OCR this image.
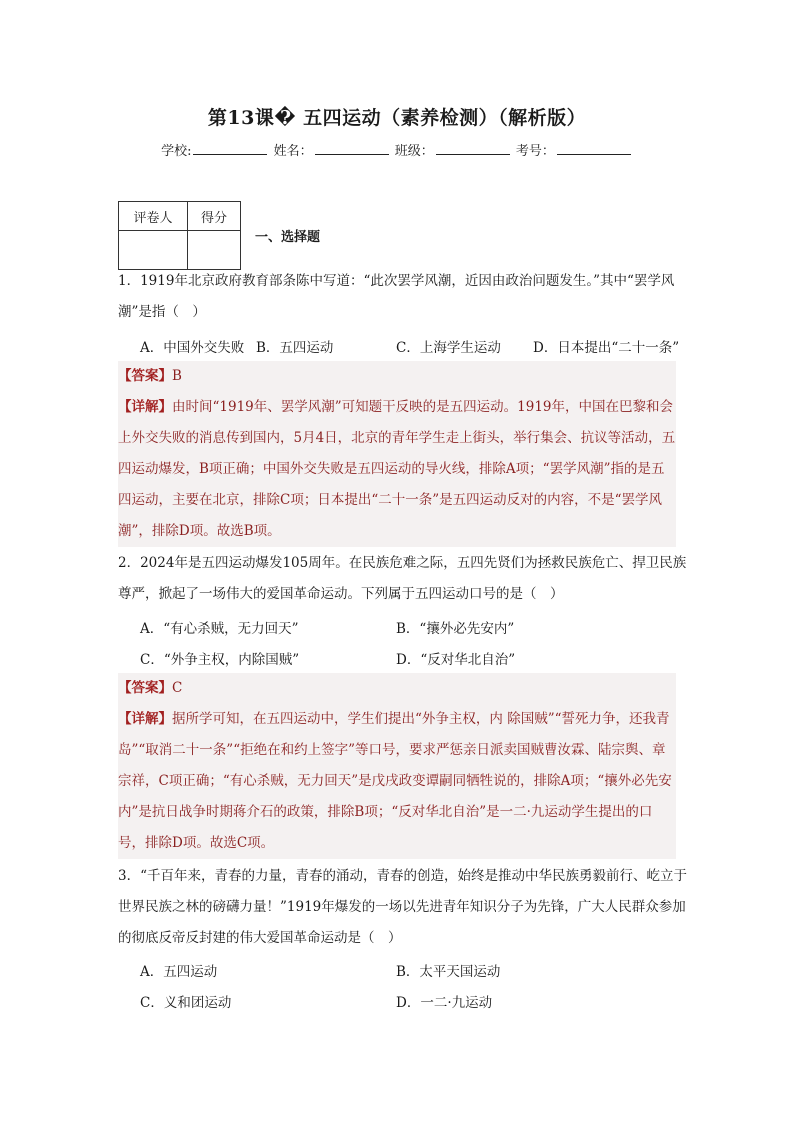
第13课� 五四运动（素养检测）（解析版）
学校:	姓名：	班级：	考号：
评卷人	得分

一、选择题
1．1919年北京政府教育部条陈中写道：“此次罢学风潮，近因由政治问题发生。”其中“罢学风潮”是指（　）
A．中国外交失败 B．五四运动	C．上海学生运动 D．日本提出“二十一条”
【答案】B
【详解】由时间“1919年、罢学风潮”可知题干反映的是五四运动。1919年，中国在巴黎和会上外交失败的消息传到国内，5月4日，北京的青年学生走上街头，举行集会、抗议等活动，五四运动爆发，B项正确；中国外交失败是五四运动的导火线，排除A项；“罢学风潮”指的是五四运动，主要在北京，排除C项；日本提出“二十一条”是五四运动反对的内容，不是“罢学风潮”，排除D项。故选B项。
2．2024年是五四运动爆发105周年。在民族危难之际，五四先贤们为拯救民族危亡、捍卫民族尊严，掀起了一场伟大的爱国革命运动。下列属于五四运动口号的是（　）
A．“有心杀贼，无力回天”	B．“攘外必先安内”
C．“外争主权，内除国贼”	D．“反对华北自治”
【答案】C
【详解】据所学可知，在五四运动中，学生们提出“外争主权，内 除国贼”“誓死力争，还我青岛”“取消二十一条”“拒绝在和约上签字”等口号，要求严惩亲日派卖国贼曹汝霖、陆宗舆、章宗祥，C项正确；“有心杀贼，无力回天”是戊戌政变谭嗣同牺牲说的，排除A项；“攘外必先安内”是抗日战争时期蒋介石的政策，排除B项；“反对华北自治”是一二·九运动学生提出的口号，排除D项。故选C项。
3．“千百年来，青春的力量，青春的涌动，青春的创造，始终是推动中华民族勇毅前行、屹立于世界民族之林的磅礴力量！”1919年爆发的一场以先进青年知识分子为先锋，广大人民群众参加的彻底反帝反封建的伟大爱国革命运动是（　）
A．五四运动	B．太平天国运动
C．义和团运动	D．一二·九运动
